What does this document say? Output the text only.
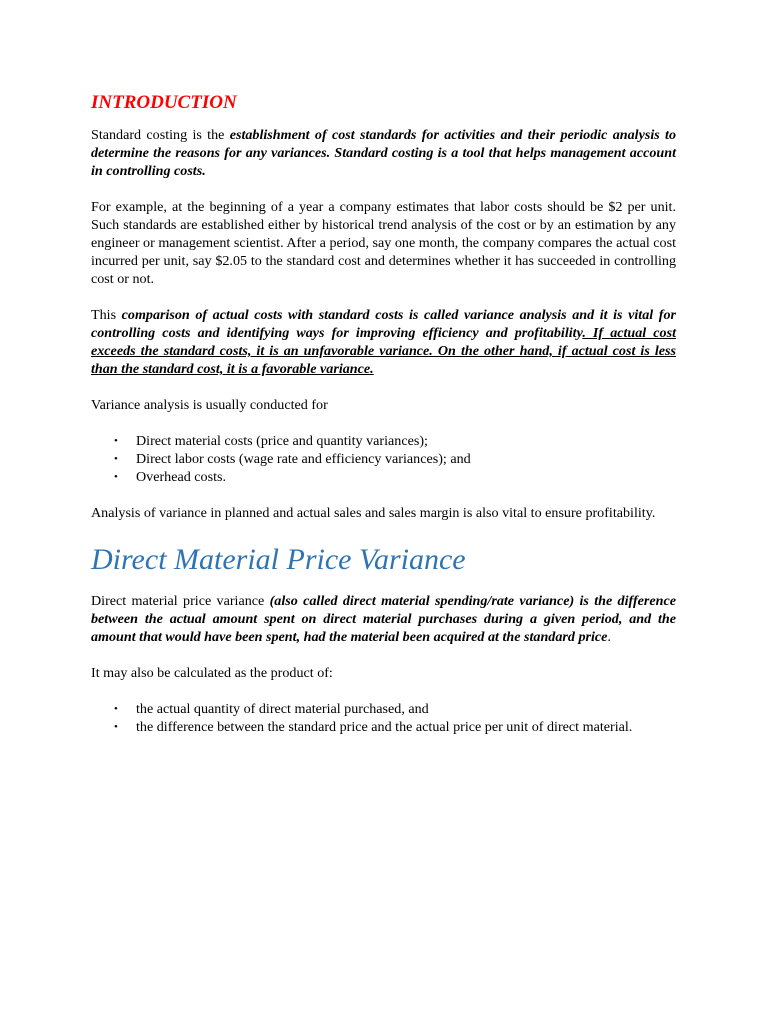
INTRODUCTION

Standard costing is the establishment of cost standards for activities and their periodic analysis to determine the reasons for any variances. Standard costing is a tool that helps management account in controlling costs.

For example, at the beginning of a year a company estimates that labor costs should be $2 per unit. Such standards are established either by historical trend analysis of the cost or by an estimation by any engineer or management scientist. After a period, say one month, the company compares the actual cost incurred per unit, say $2.05 to the standard cost and determines whether it has succeeded in controlling cost or not.

This comparison of actual costs with standard costs is called variance analysis and it is vital for controlling costs and identifying ways for improving efficiency and profitability. If actual cost exceeds the standard costs, it is an unfavorable variance. On the other hand, if actual cost is less than the standard cost, it is a favorable variance.

Variance analysis is usually conducted for

• Direct material costs (price and quantity variances);
• Direct labor costs (wage rate and efficiency variances); and
• Overhead costs.

Analysis of variance in planned and actual sales and sales margin is also vital to ensure profitability.

Direct Material Price Variance

Direct material price variance (also called direct material spending/rate variance) is the difference between the actual amount spent on direct material purchases during a given period, and the amount that would have been spent, had the material been acquired at the standard price.

It may also be calculated as the product of:

• the actual quantity of direct material purchased, and
• the difference between the standard price and the actual price per unit of direct material.
